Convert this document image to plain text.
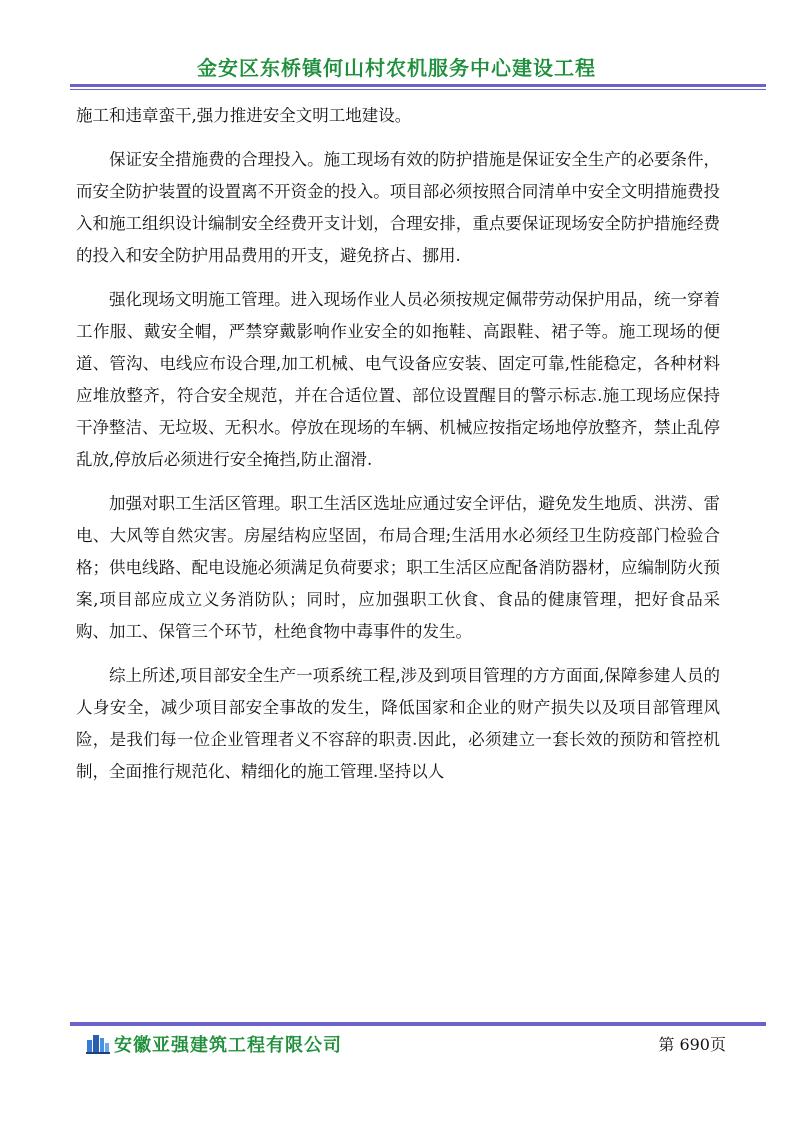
金安区东桥镇何山村农机服务中心建设工程

施工和违章蛮干,强力推进安全文明工地建设。

保证安全措施费的合理投入。施工现场有效的防护措施是保证安全生产的必要条件，而安全防护装置的设置离不开资金的投入。项目部必须按照合同清单中安全文明措施费投入和施工组织设计编制安全经费开支计划，合理安排，重点要保证现场安全防护措施经费的投入和安全防护用品费用的开支，避免挤占、挪用.

强化现场文明施工管理。进入现场作业人员必须按规定佩带劳动保护用品，统一穿着工作服、戴安全帽，严禁穿戴影响作业安全的如拖鞋、高跟鞋、裙子等。施工现场的便道、管沟、电线应布设合理,加工机械、电气设备应安装、固定可靠,性能稳定，各种材料应堆放整齐，符合安全规范，并在合适位置、部位设置醒目的警示标志.施工现场应保持干净整洁、无垃圾、无积水。停放在现场的车辆、机械应按指定场地停放整齐，禁止乱停乱放,停放后必须进行安全掩挡,防止溜滑.

加强对职工生活区管理。职工生活区选址应通过安全评估，避免发生地质、洪涝、雷电、大风等自然灾害。房屋结构应坚固，布局合理;生活用水必须经卫生防疫部门检验合格；供电线路、配电设施必须满足负荷要求；职工生活区应配备消防器材，应编制防火预案,项目部应成立义务消防队；同时，应加强职工伙食、食品的健康管理，把好食品采购、加工、保管三个环节，杜绝食物中毒事件的发生。

综上所述,项目部安全生产一项系统工程,涉及到项目管理的方方面面,保障参建人员的人身安全，减少项目部安全事故的发生，降低国家和企业的财产损失以及项目部管理风险，是我们每一位企业管理者义不容辞的职责.因此，必须建立一套长效的预防和管控机制，全面推行规范化、精细化的施工管理.坚持以人

安徽亚强建筑工程有限公司	第 690页
